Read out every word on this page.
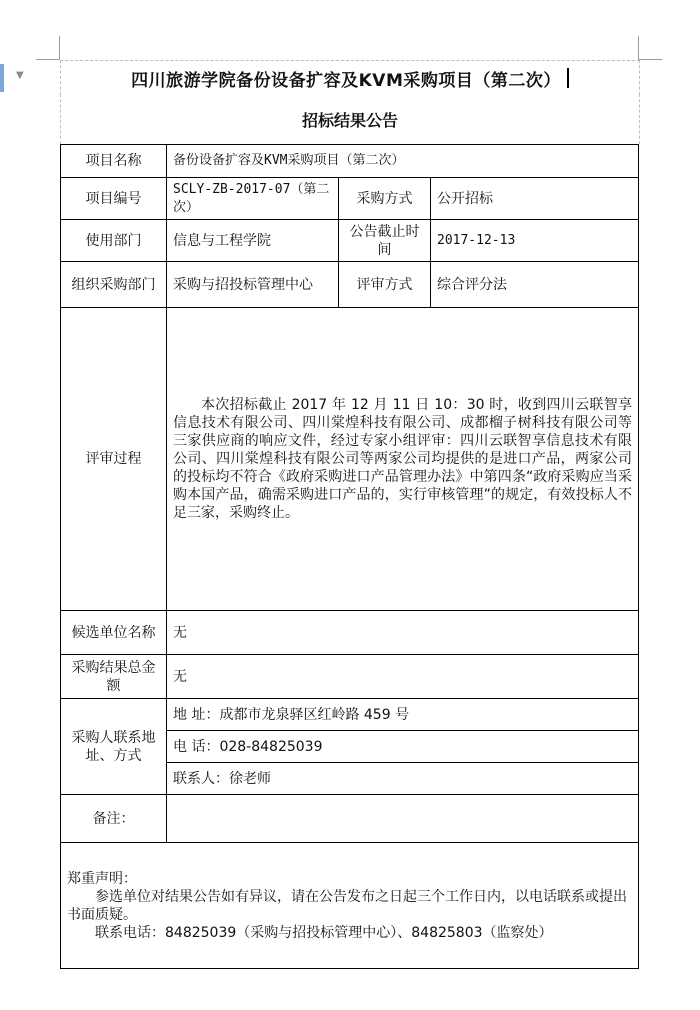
▼	四川旅游学院备份设备扩容及KVM采购项目（第二次）
招标结果公告
项目名称	备份设备扩容及KVM采购项目（第二次）		
项目编号	SCLY-ZB-2017-07（第二次）	采购方式	公开招标
使用部门	信息与工程学院	公告截止时间	2017-12-13
组织采购部门	采购与招投标管理中心	评审方式	综合评分法
评审过程	本次招标截止 2017 年 12 月 11 日 10：30 时，收到四川云联智享信息技术有限公司、四川棠煌科技有限公司、成都榴子树科技有限公司等三家供应商的响应文件，经过专家小组评审：四川云联智享信息技术有限公司、四川棠煌科技有限公司等两家公司均提供的是进口产品，两家公司的投标均不符合《政府采购进口产品管理办法》中第四条“政府采购应当采购本国产品，确需采购进口产品的，实行审核管理”的规定，有效投标人不足三家，采购终止。		

候选单位名称	无		
采购结果总金额	无		
采购人联系地址、方式	地 址：成都市龙泉驿区红岭路 459 号		
	电 话：028-84825039		
	联系人：徐老师		
备注：			

郑重声明：
参选单位对结果公告如有异议，请在公告发布之日起三个工作日内，以电话联系或提出书面质疑。
联系电话：84825039（采购与招投标管理中心）、84825803（监察处）			
